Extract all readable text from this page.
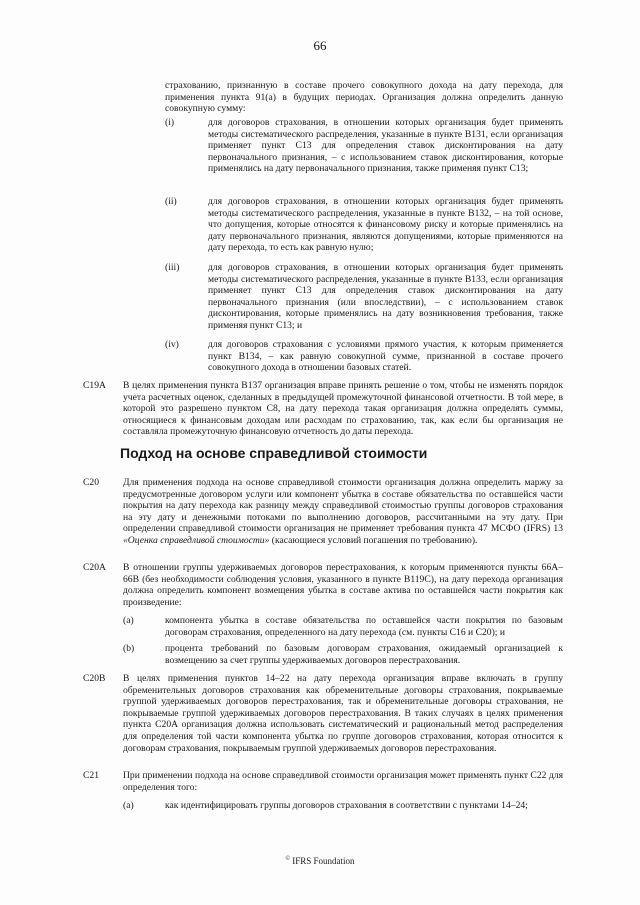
66
страхованию, признанную в составе прочего совокупного дохода на дату перехода, для применения пункта 91(a) в будущих периодах. Организация должна определить данную совокупную сумму:
(i)	для договоров страхования, в отношении которых организация будет применять методы систематического распределения, указанные в пункте B131, если организация применяет пункт C13 для определения ставок дисконтирования на дату первоначального признания, – с использованием ставок дисконтирования, которые применялись на дату первоначального признания, также применяя пункт C13;
(ii)	для договоров страхования, в отношении которых организация будет применять методы систематического распределения, указанные в пункте B132, – на той основе, что допущения, которые относятся к финансовому риску и которые применялись на дату первоначального признания, являются допущениями, которые применяются на дату перехода, то есть как равную нулю;
(iii)	для договоров страхования, в отношении которых организация будет применять методы систематического распределения, указанные в пункте B133, если организация применяет пункт C13 для определения ставок дисконтирования на дату первоначального признания (или впоследствии), – с использованием ставок дисконтирования, которые применялись на дату возникновения требования, также применяя пункт C13; и
(iv)	для договоров страхования с условиями прямого участия, к которым применяется пункт B134, – как равную совокупной сумме, признанной в составе прочего совокупного дохода в отношении базовых статей.
C19A В целях применения пункта B137 организация вправе принять решение о том, чтобы не изменять порядок учета расчетных оценок, сделанных в предыдущей промежуточной финансовой отчетности. В той мере, в которой это разрешено пунктом C8, на дату перехода такая организация должна определять суммы, относящиеся к финансовым доходам или расходам по страхованию, так, как если бы организация не составляла промежуточную финансовую отчетность до даты перехода.
Подход на основе справедливой стоимости
C20	Для применения подхода на основе справедливой стоимости организация должна определить маржу за предусмотренные договором услуги или компонент убытка в составе обязательства по оставшейся части покрытия на дату перехода как разницу между справедливой стоимостью группы договоров страхования на эту дату и денежными потоками по выполнению договоров, рассчитанными на эту дату. При определении справедливой стоимости организация не применяет требования пункта 47 МСФО (IFRS) 13 «Оценка справедливой стоимости» (касающиеся условий погашения по требованию).
C20A В отношении группы удерживаемых договоров перестрахования, к которым применяются пункты 66A–66B (без необходимости соблюдения условия, указанного в пункте B119C), на дату перехода организация должна определить компонент возмещения убытка в составе актива по оставшейся части покрытия как произведение:
(a)	компонента убытка в составе обязательства по оставшейся части покрытия по базовым договорам страхования, определенного на дату перехода (см. пункты C16 и C20); и
(b)	процента требований по базовым договорам страхования, ожидаемый организацией к возмещению за счет группы удерживаемых договоров перестрахования.
C20B В целях применения пунктов 14–22 на дату перехода организация вправе включать в группу обременительных договоров страхования как обременительные договоры страхования, покрываемые группой удерживаемых договоров перестрахования, так и обременительные договоры страхования, не покрываемые группой удерживаемых договоров перестрахования. В таких случаях в целях применения пункта C20A организация должна использовать систематический и рациональный метод распределения для определения той части компонента убытка по группе договоров страхования, которая относится к договорам страхования, покрываемым группой удерживаемых договоров перестрахования.
C21	При применении подхода на основе справедливой стоимости организация может применять пункт C22 для определения того:
(a)	как идентифицировать группы договоров страхования в соответствии с пунктами 14–24;
© IFRS Foundation
